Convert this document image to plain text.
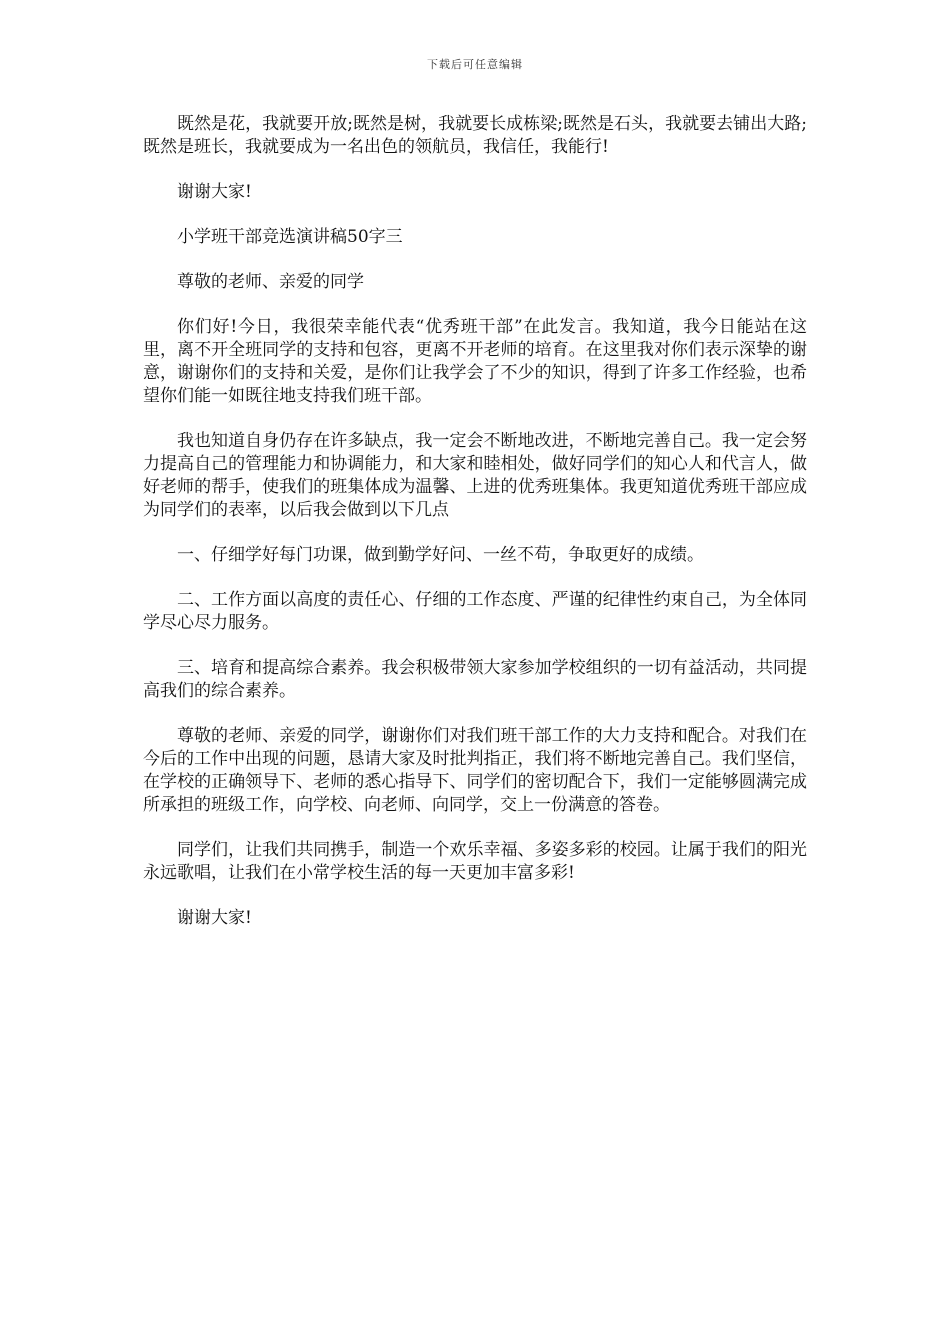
下载后可任意编辑

既然是花，我就要开放;既然是树，我就要长成栋梁;既然是石头，我就要去铺出大路;既然是班长，我就要成为一名出色的领航员，我信任，我能行!

谢谢大家!

小学班干部竞选演讲稿50字三

尊敬的老师、亲爱的同学

你们好!今日，我很荣幸能代表“优秀班干部”在此发言。我知道，我今日能站在这里，离不开全班同学的支持和包容，更离不开老师的培育。在这里我对你们表示深挚的谢意，谢谢你们的支持和关爱，是你们让我学会了不少的知识，得到了许多工作经验，也希望你们能一如既往地支持我们班干部。

我也知道自身仍存在许多缺点，我一定会不断地改进，不断地完善自己。我一定会努力提高自己的管理能力和协调能力，和大家和睦相处，做好同学们的知心人和代言人，做好老师的帮手，使我们的班集体成为温馨、上进的优秀班集体。我更知道优秀班干部应成为同学们的表率，以后我会做到以下几点

一、仔细学好每门功课，做到勤学好问、一丝不苟，争取更好的成绩。

二、工作方面以高度的责任心、仔细的工作态度、严谨的纪律性约束自己，为全体同学尽心尽力服务。

三、培育和提高综合素养。我会积极带领大家参加学校组织的一切有益活动，共同提高我们的综合素养。

尊敬的老师、亲爱的同学，谢谢你们对我们班干部工作的大力支持和配合。对我们在今后的工作中出现的问题，恳请大家及时批判指正，我们将不断地完善自己。我们坚信，在学校的正确领导下、老师的悉心指导下、同学们的密切配合下，我们一定能够圆满完成所承担的班级工作，向学校、向老师、向同学，交上一份满意的答卷。

同学们，让我们共同携手，制造一个欢乐幸福、多姿多彩的校园。让属于我们的阳光永远歌唱，让我们在小常学校生活的每一天更加丰富多彩!

谢谢大家!
